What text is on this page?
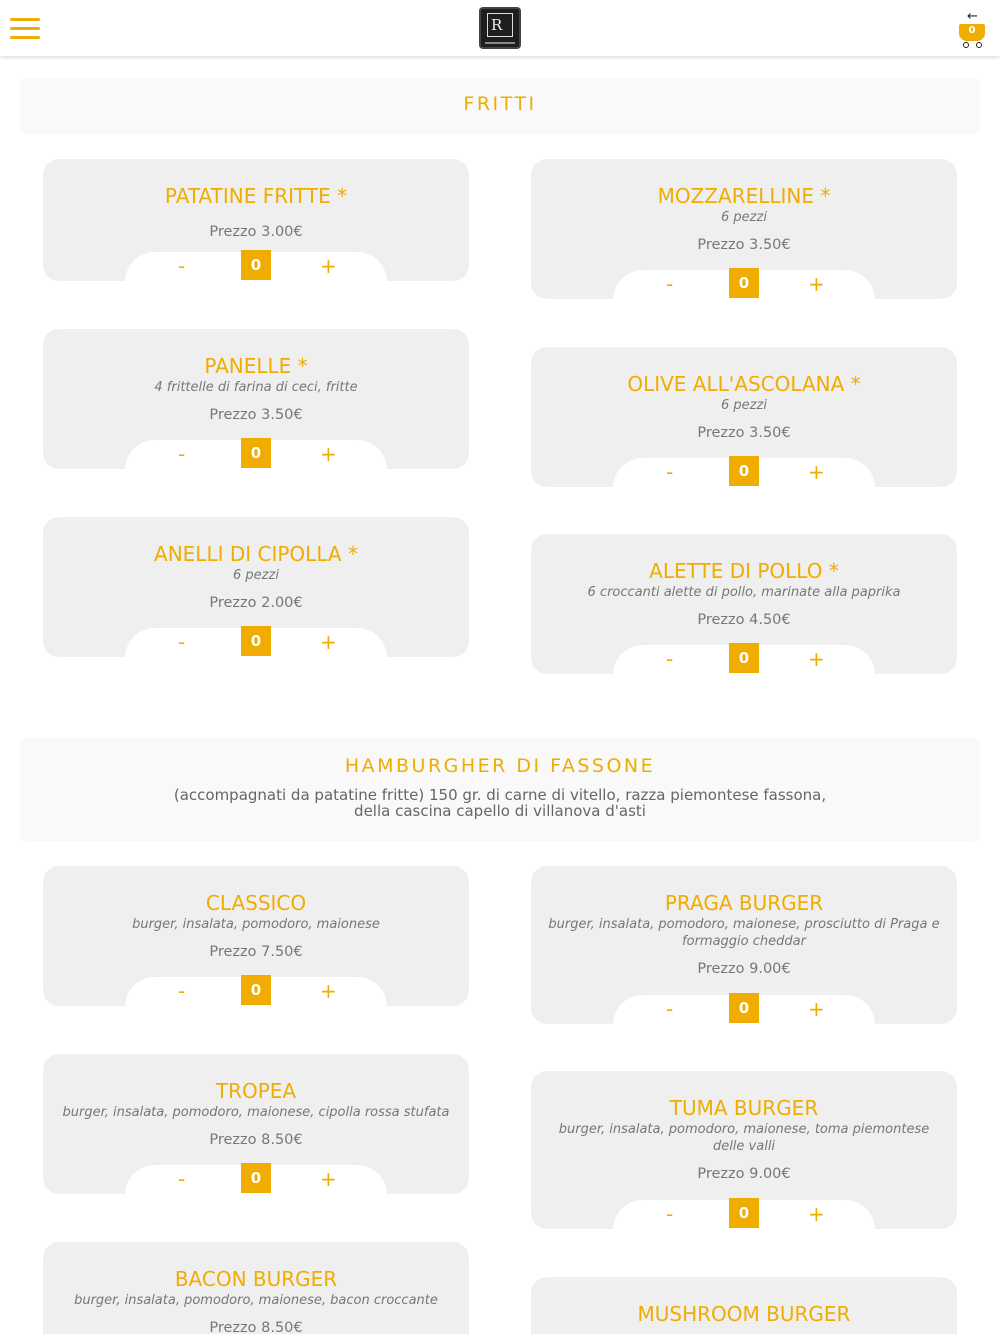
R	←
0
FRITTI
PATATINE FRITTE *
Prezzo 3.00€
-	0	+
PANELLE *
4 frittelle di farina di ceci, fritte
Prezzo 3.50€
-	0	+
ANELLI DI CIPOLLA *
6 pezzi
Prezzo 2.00€
-	0	+
MOZZARELLINE *
6 pezzi
Prezzo 3.50€
-	0	+
OLIVE ALL'ASCOLANA *
6 pezzi
Prezzo 3.50€
-	0	+
ALETTE DI POLLO *
6 croccanti alette di pollo, marinate alla paprika
Prezzo 4.50€
-	0	+
HAMBURGHER DI FASSONE
(accompagnati da patatine fritte) 150 gr. di carne di vitello, razza piemontese fassona, della cascina capello di villanova d'asti
CLASSICO
burger, insalata, pomodoro, maionese
Prezzo 7.50€
-	0	+
TROPEA
burger, insalata, pomodoro, maionese, cipolla rossa stufata
Prezzo 8.50€
-	0	+
BACON BURGER
burger, insalata, pomodoro, maionese, bacon croccante
Prezzo 8.50€
PRAGA BURGER
burger, insalata, pomodoro, maionese, prosciutto di Praga e formaggio cheddar
Prezzo 9.00€
-	0	+
TUMA BURGER
burger, insalata, pomodoro, maionese, toma piemontese delle valli
Prezzo 9.00€
-	0	+
MUSHROOM BURGER
